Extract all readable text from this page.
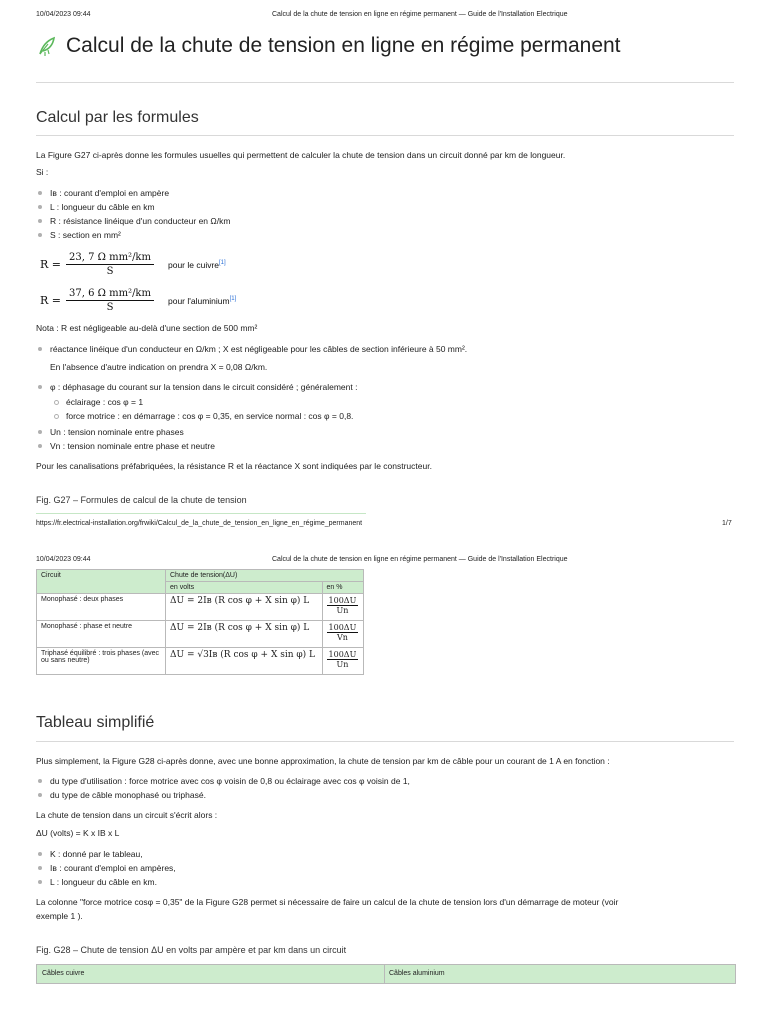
10/04/2023 09:44	Calcul de la chute de tension en ligne en régime permanent — Guide de l'Installation Electrique
Calcul de la chute de tension en ligne en régime permanent
Calcul par les formules
La Figure G27 ci-après donne les formules usuelles qui permettent de calculer la chute de tension dans un circuit donné par km de longueur.
Si :
Iʙ : courant d'emploi en ampère
L : longueur du câble en km
R : résistance linéique d'un conducteur en Ω/km
S : section en mm²
$R = \frac{\text{23, 7 Ω mm²/km}}{S}$ pour le cuivre[1]
$R = \frac{\text{37, 6 Ω mm²/km}}{S}$ pour l'aluminium[1]
Nota : R est négligeable au-delà d'une section de 500 mm²
réactance linéique d'un conducteur en Ω/km ; X est négligeable pour les câbles de section inférieure à 50 mm².
En l'absence d'autre indication on prendra X = 0,08 Ω/km.
φ : déphasage du courant sur la tension dans le circuit considéré ; généralement :
éclairage : cos φ = 1
force motrice : en démarrage : cos φ = 0,35, en service normal : cos φ = 0,8.
Un : tension nominale entre phases
Vn : tension nominale entre phase et neutre
Pour les canalisations préfabriquées, la résistance R et la réactance X sont indiquées par le constructeur.
Fig. G27 – Formules de calcul de la chute de tension
https://fr.electrical-installation.org/frwiki/Calcul_de_la_chute_de_tension_en_ligne_en_régime_permanent	1/7
10/04/2023 09:44	Calcul de la chute de tension en ligne en régime permanent — Guide de l'Installation Electrique
Circuit	Chute de tension(ΔU)	
	en volts	en %
Monophasé : deux phases	ΔU = 2Iʙ (R cos φ + X sin φ) L	$\frac{100\Delta U}{Un}$

Monophasé : phase et neutre	ΔU = 2Iʙ (R cos φ + X sin φ) L	$\frac{100\Delta U}{Vn}$

Triphasé équilibré : trois phases (avec ou sans neutre)	ΔU = √3Iʙ (R cos φ + X sin φ) L	$\frac{100\Delta U}{Un}$
Tableau simplifié
Plus simplement, la Figure G28 ci-après donne, avec une bonne approximation, la chute de tension par km de câble pour un courant de 1 A en fonction :
du type d'utilisation : force motrice avec cos φ voisin de 0,8 ou éclairage avec cos φ voisin de 1,
du type de câble monophasé ou triphasé.
La chute de tension dans un circuit s'écrit alors :
ΔU (volts) = K x IB x L
K : donné par le tableau,
Iʙ : courant d'emploi en ampères,
L : longueur du câble en km.
La colonne "force motrice cosφ = 0,35" de la Figure G28 permet si nécessaire de faire un calcul de la chute de tension lors d'un démarrage de moteur (voir
exemple 1 ).
Fig. G28 – Chute de tension ΔU en volts par ampère et par km dans un circuit
Câbles cuivre	Câbles aluminium
